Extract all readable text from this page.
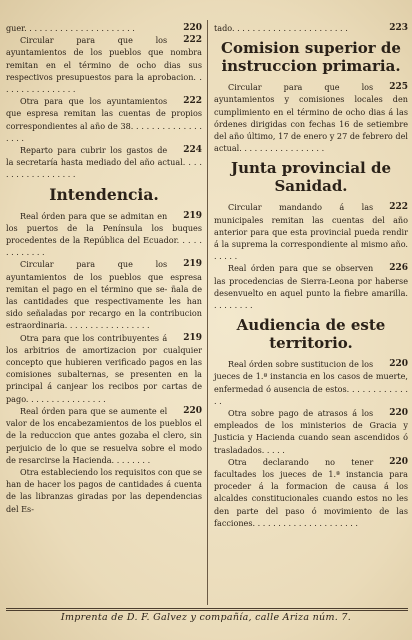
220
guer. . . . . . . . . . . . . . . . . . . . . .

222
Circular para que los ayuntamientos de los pueblos que nombra remitan en el término de ocho dias sus respectivos presupuestos para la aprobacion. . . . . . . . . . . . . . . .

222
Otra para que los ayuntamientos que espresa remitan las cuentas de propios correspondientes al año de 38. . . . . . . . . . . . . . . . . .

224
Reparto para cubrir los gastos de la secretaría hasta mediado del año actual. . . . . . . . . . . . . . . . . .

Intendencia.

219
Real órden para que se admitan en los puertos de la Península los buques procedentes de la República del Ecuador. . . . . . . . . . . . .

219
Circular para que los ayuntamientos de los pueblos que espresa remitan el pago en el término que se- ñala de las cantidades que respectivamente les han sido señaladas por recargo en la contribucion estraordinaria. . . . . . . . . . . . . . . . .

219
Otra para que los contribuyentes á los arbitrios de amortizacion por cualquier concepto que hubieren verificado pagos en las comisiones subalternas, se presenten en la principal á canjear los recibos por cartas de pago. . . . . . . . . . . . . . . .

220
Real órden para que se aumente el valor de los encabezamientos de los pueblos el de la reduccion que antes gozaba el clero, sin perjuicio de lo que se resuelva sobre el modo de resarcirse la Hacienda. . . . . . . .

Otra estableciendo los requisitos con que se han de hacer los pagos de cantidades á cuenta de las libranzas giradas por las dependencias del Es-

223
tado. . . . . . . . . . . . . . . . . . . . . . .

Comision superior de instruccion primaria.

225
Circular para que los ayuntamientos y comisiones locales den cumplimiento en el término de ocho dias á las órdenes dirigidas con fechas 16 de setiembre del año último, 17 de enero y 27 de febrero del actual. . . . . . . . . . . . . . . . .

Junta provincial de Sanidad.

222
Circular mandando á las municipales remitan las cuentas del año anterior para que esta provincial pueda rendir á la suprema la correspondiente al mismo año. . . . . .

226
Real órden para que se observen las procedencias de Sierra-Leona por haberse desenvuelto en aquel punto la fiebre amarilla. . . . . . . . .

Audiencia de este territorio.

220
Real órden sobre sustitucion de los jueces de 1.ª instancia en los casos de muerte, enfermedad ó ausencia de estos. . . . . . . . . . . . . .

220
Otra sobre pago de atrasos á los empleados de los ministerios de Gracia y Justicia y Hacienda cuando sean ascendidos ó trasladados. . . . .

220
Otra declarando no tener facultades los jueces de 1.ª instancia para proceder á la formacion de causa á los alcaldes constitucionales cuando estos no les den parte del paso ó movimiento de las facciones. . . . . . . . . . . . . . . . . . . . .

Imprenta de D. F. Galvez y compañía, calle Ariza núm. 7.
